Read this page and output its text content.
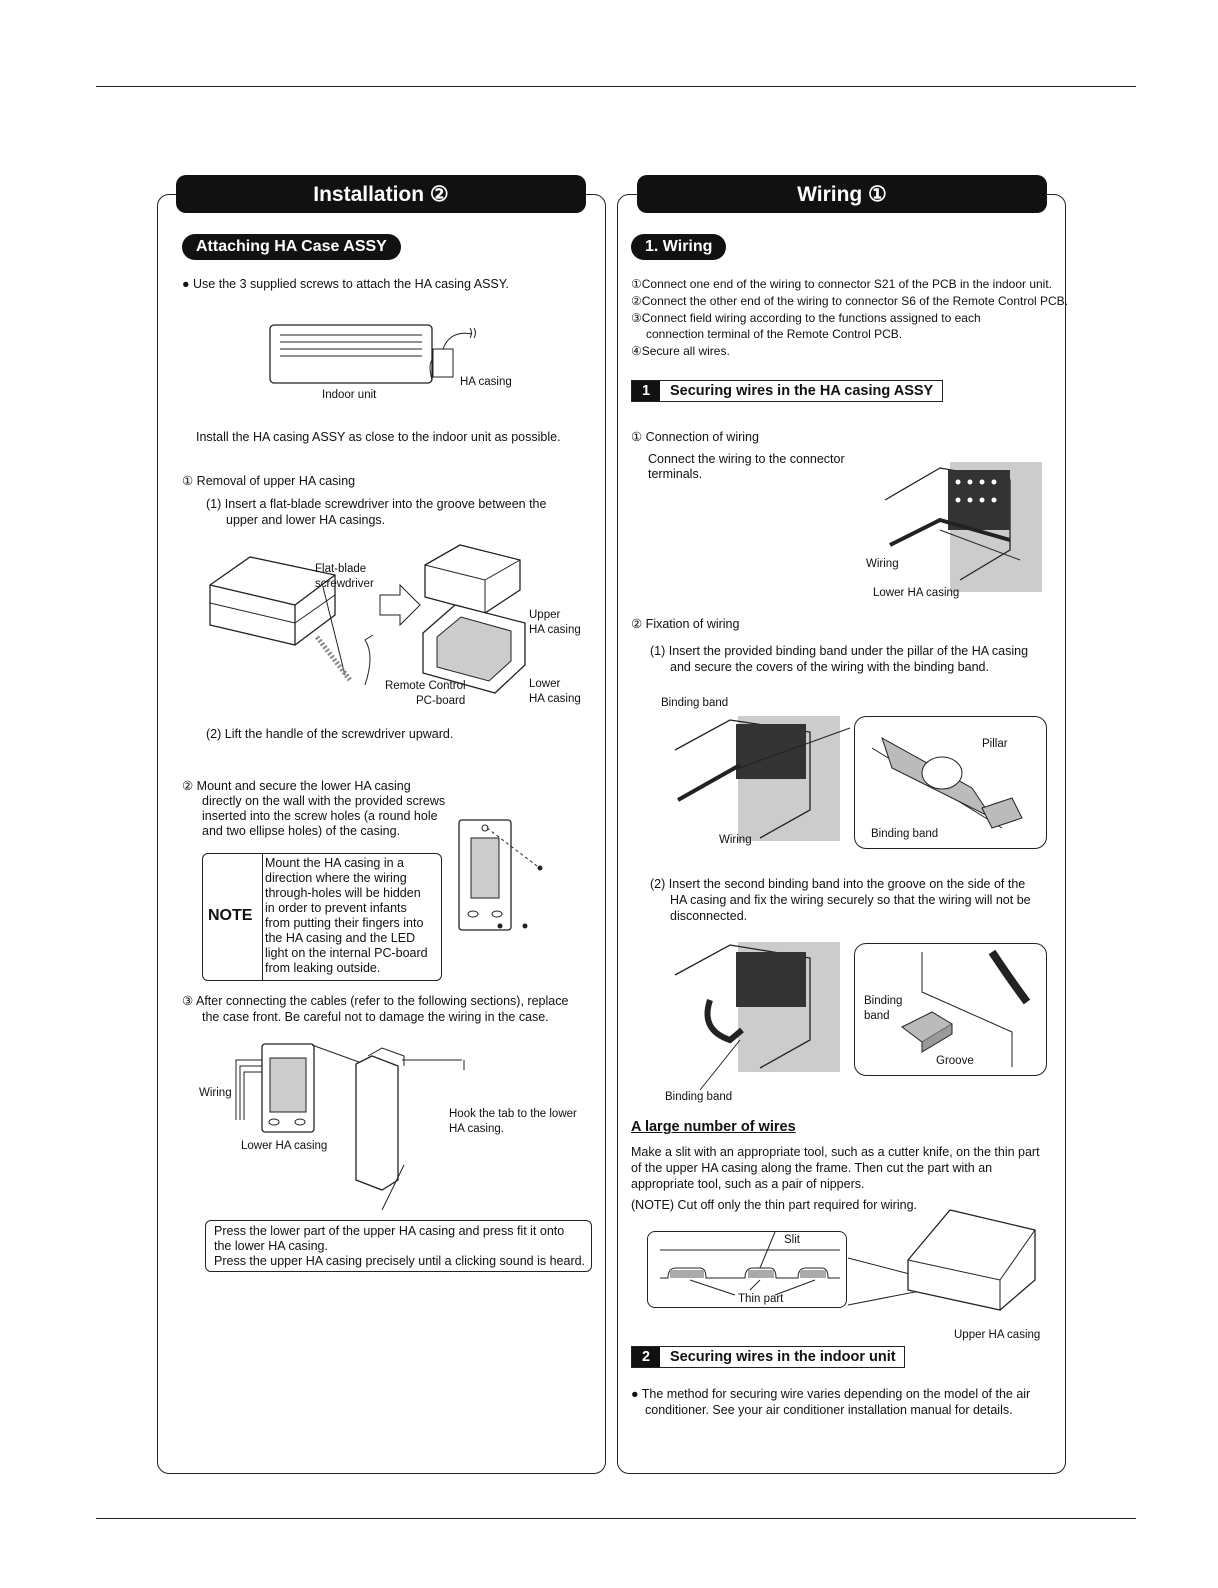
Installation ②
Attaching HA Case ASSY
● Use the 3 supplied screws to attach the HA casing ASSY.
Indoor unit
HA casing
Install the HA casing ASSY as close to the indoor unit as possible.
① Removal of upper HA casing
(1) Insert a flat-blade screwdriver into the groove between the
upper and lower HA casings.
Flat-blade
screwdriver
Upper
HA casing
Lower
HA casing
Remote Control
PC-board
(2) Lift the handle of the screwdriver upward.
② Mount and secure the lower HA casing
directly on the wall with the provided screws
inserted into the screw holes (a round hole
and two ellipse holes) of the casing.
NOTE
Mount the HA casing in a
direction where the wiring
through-holes will be hidden
in order to prevent infants
from putting their fingers into
the HA casing and the LED
light on the internal PC-board
from leaking outside.
③ After connecting the cables (refer to the following sections), replace
the case front. Be careful not to damage the wiring in the case.
Wiring
Lower HA casing
Hook the tab to the lower
HA casing.
Press the lower part of the upper HA casing and press fit it onto
the lower HA casing.
Press the upper HA casing precisely until a clicking sound is heard.
Wiring ①
1. Wiring
①Connect one end of the wiring to connector S21 of the PCB in the indoor unit.
②Connect the other end of the wiring to connector S6 of the Remote Control PCB.
③Connect field wiring according to the functions assigned to each
connection terminal of the Remote Control PCB.
④Secure all wires.
1	Securing wires in the HA casing ASSY
① Connection of wiring
Connect the wiring to the connector
terminals.
Wiring
Lower HA casing
② Fixation of wiring
(1) Insert the provided binding band under the pillar of the HA casing
and secure the covers of the wiring with the binding band.
Binding band
Pillar
Wiring	Binding band
(2) Insert the second binding band into the groove on the side of the
HA casing and fix the wiring securely so that the wiring will not be
disconnected.
Binding
band
Groove
Binding band
A large number of wires
Make a slit with an appropriate tool, such as a cutter knife, on the thin part
of the upper HA casing along the frame. Then cut the part with an
appropriate tool, such as a pair of nippers.
(NOTE) Cut off only the thin part required for wiring.
Slit
Thin part
Upper HA casing
2	Securing wires in the indoor unit
● The method for securing wire varies depending on the model of the air
conditioner. See your air conditioner installation manual for details.
